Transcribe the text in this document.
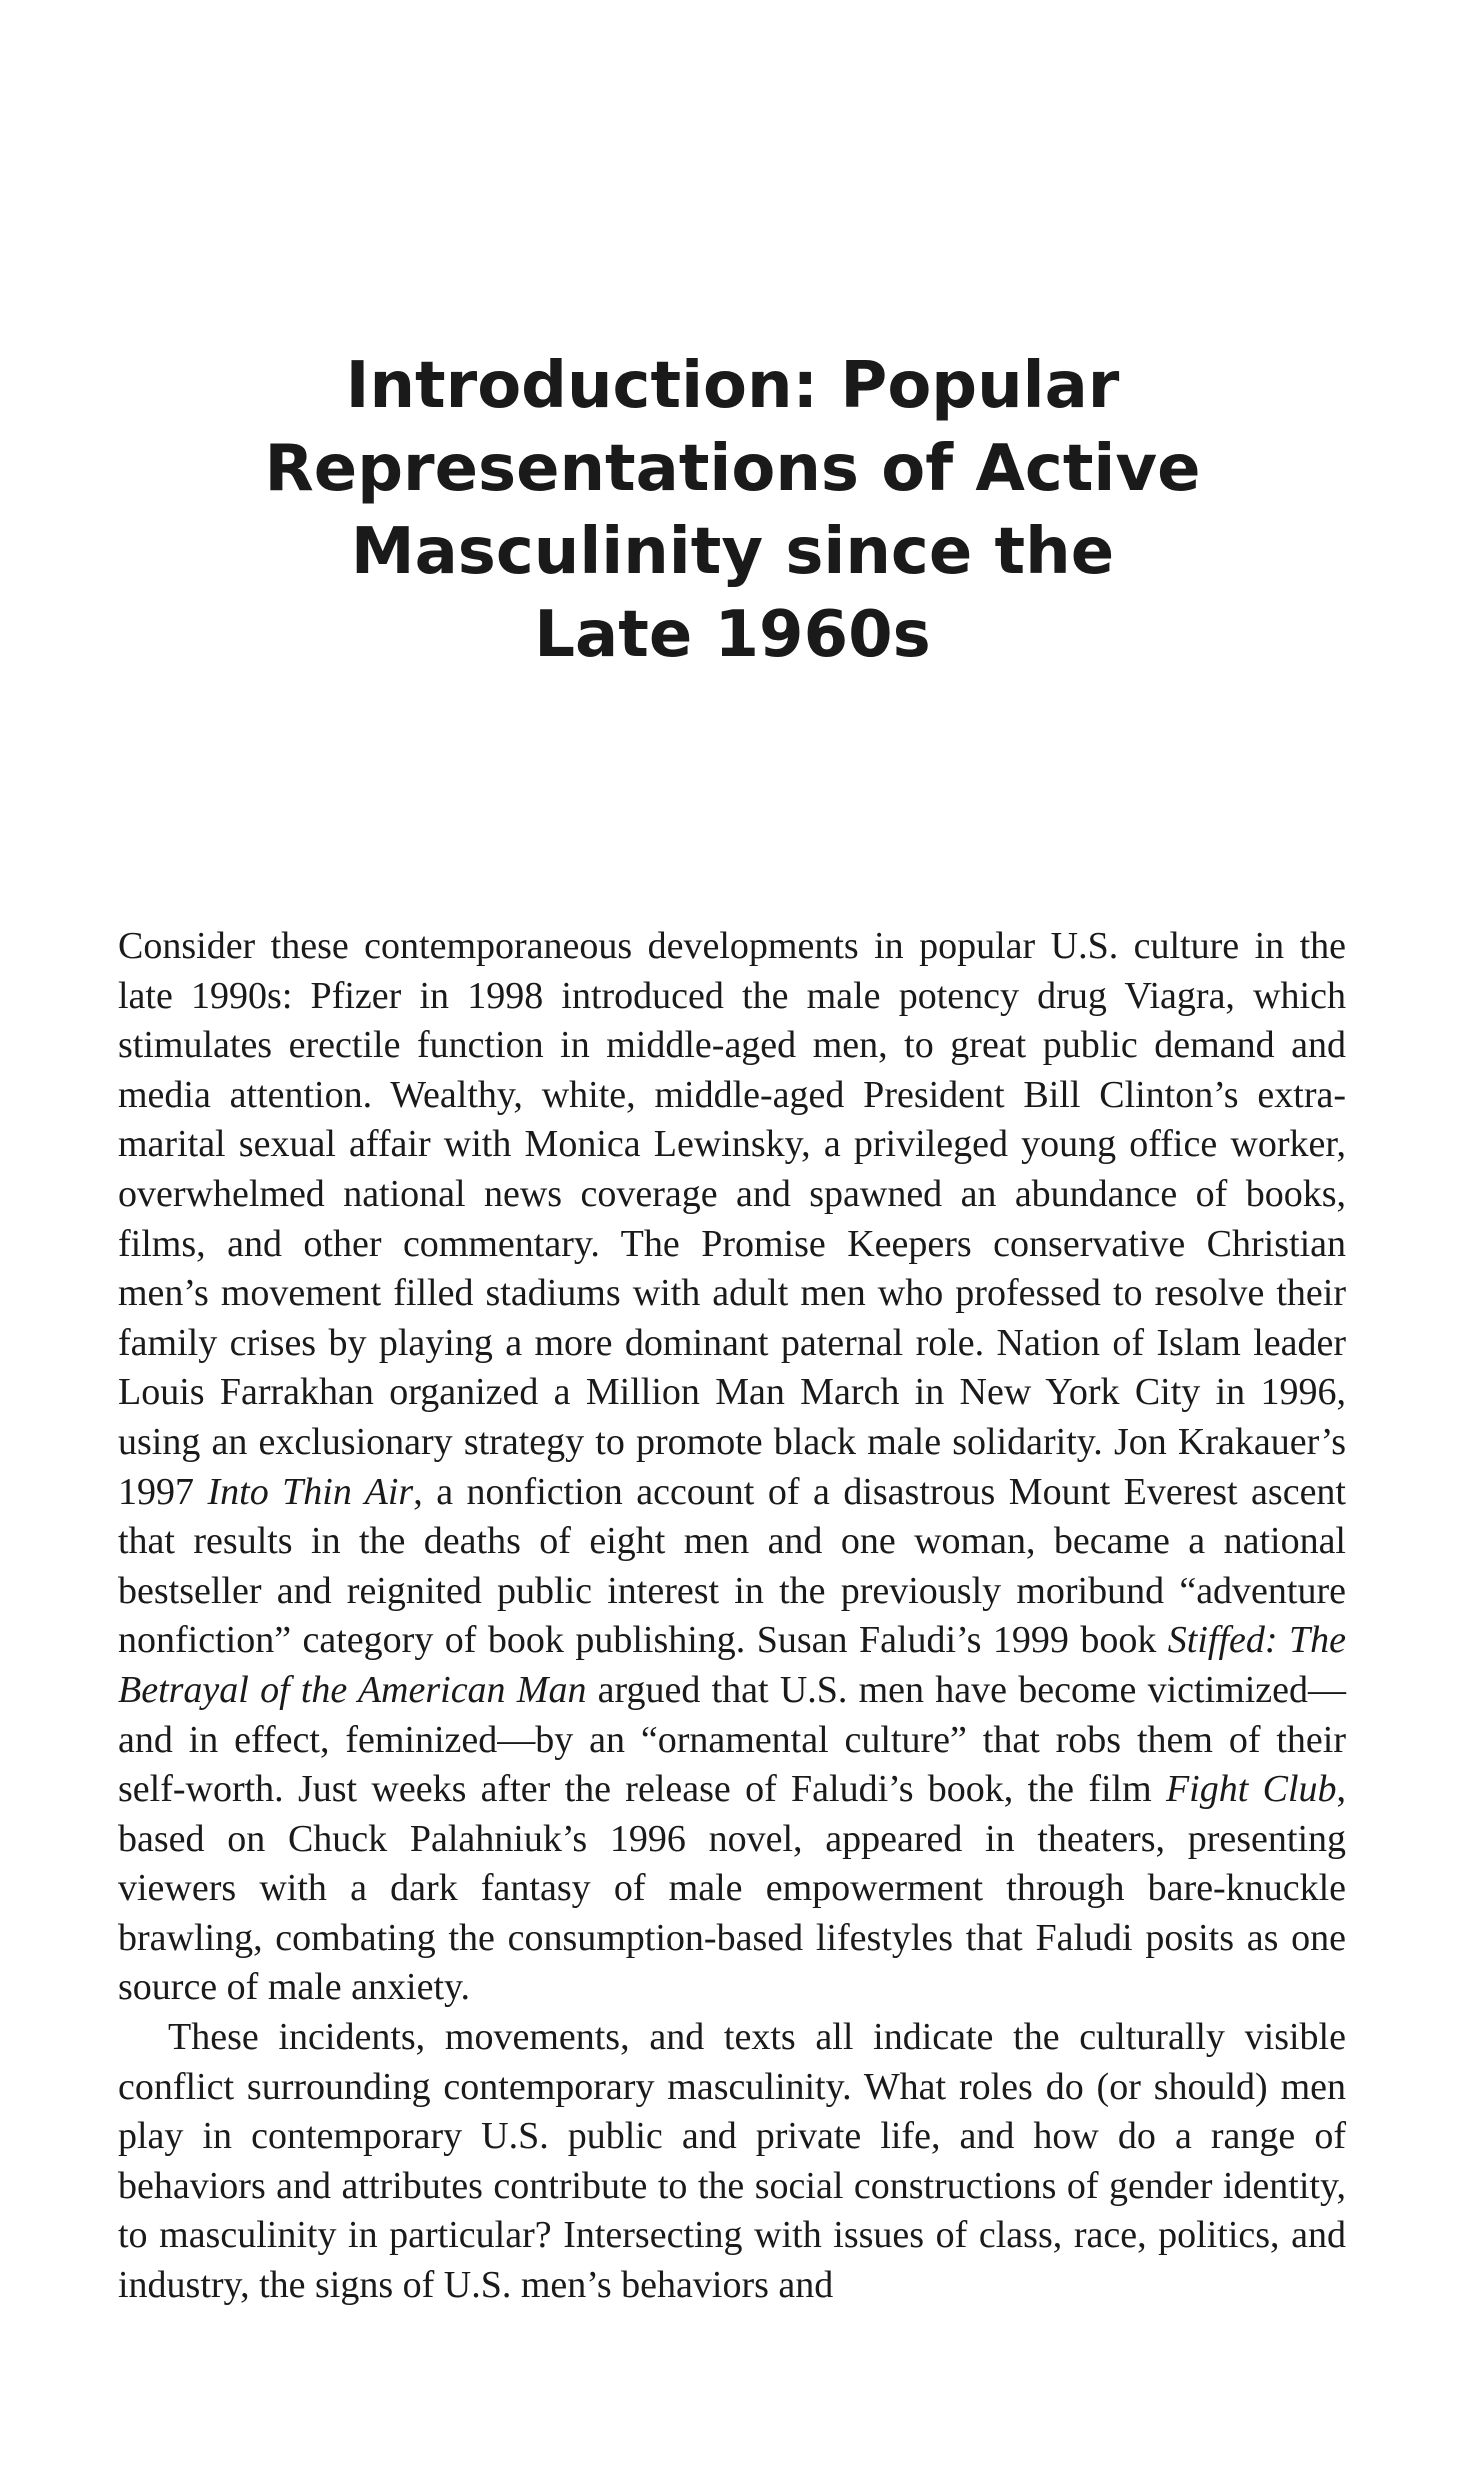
Introduction: Popular
Representations of Active
Masculinity since the
Late 1960s

Consider these contemporaneous developments in popular U.S. culture in the late 1990s: Pfizer in 1998 introduced the male potency drug Viagra, which stimulates erectile function in middle-aged men, to great public demand and media attention. Wealthy, white, middle-aged President Bill Clinton’s extramarital sexual affair with Monica Lewinsky, a privileged young office worker, overwhelmed national news coverage and spawned an abundance of books, films, and other commentary. The Promise Keepers conservative Christian men’s movement filled stadiums with adult men who professed to resolve their family crises by playing a more dominant paternal role. Nation of Islam leader Louis Farrakhan organized a Million Man March in New York City in 1996, using an exclusionary strategy to promote black male solidarity. Jon Krakauer’s 1997 Into Thin Air, a nonfiction account of a disastrous Mount Everest ascent that results in the deaths of eight men and one woman, became a national bestseller and reignited public interest in the previously moribund “adventure nonfiction” category of book publishing. Susan Faludi’s 1999 book Stiffed: The Betrayal of the American Man argued that U.S. men have become victimized—and in effect, feminized—by an “ornamental culture” that robs them of their self-worth. Just weeks after the release of Faludi’s book, the film Fight Club, based on Chuck Palahniuk’s 1996 novel, appeared in theaters, presenting viewers with a dark fantasy of male empowerment through bare-knuckle brawling, combating the consumption-based lifestyles that Faludi posits as one source of male anxiety.

These incidents, movements, and texts all indicate the culturally visible conflict surrounding contemporary masculinity. What roles do (or should) men play in contemporary U.S. public and private life, and how do a range of behaviors and attributes contribute to the social constructions of gender identity, to masculinity in particular? Intersecting with issues of class, race, politics, and industry, the signs of U.S. men’s behaviors and
